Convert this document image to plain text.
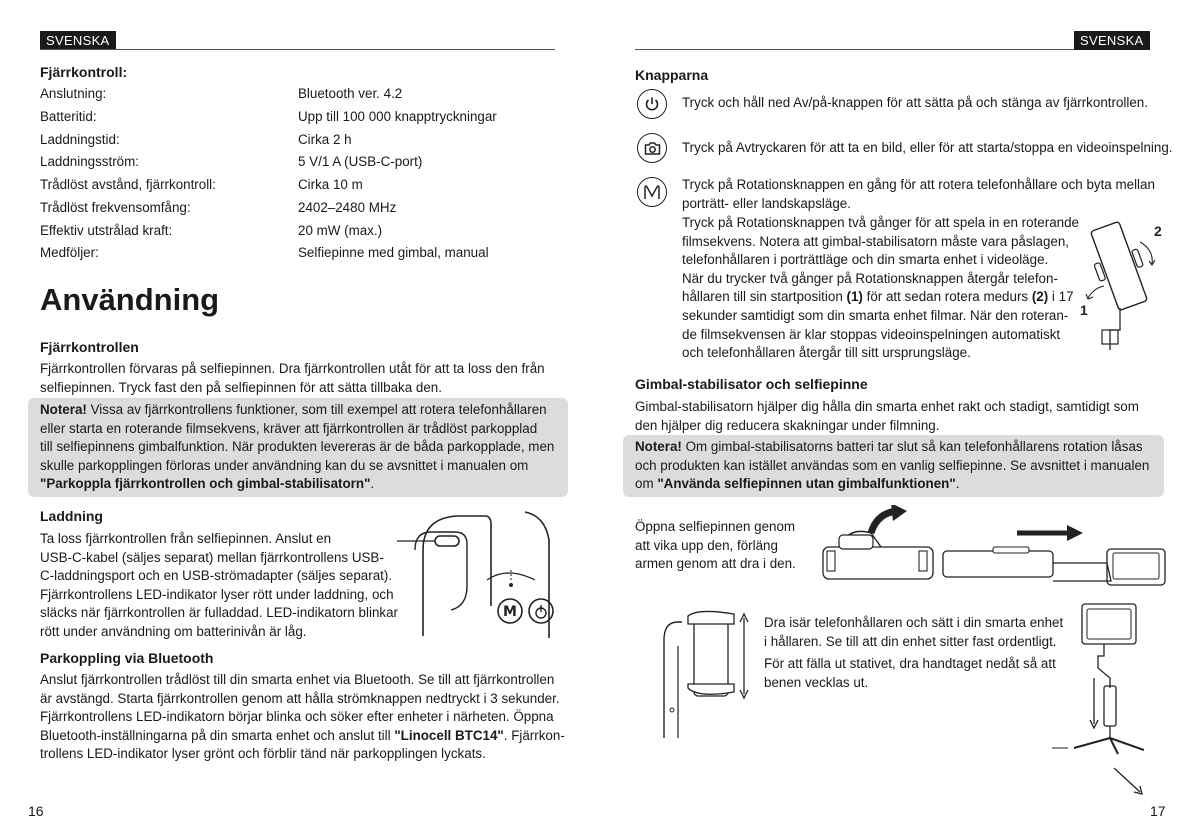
SVENSKA
Fjärrkontroll:
Anslutning:	Bluetooth ver. 4.2
Batteritid:	Upp till 100 000 knapptryckningar
Laddningstid:	Cirka 2 h
Laddningsström:	5 V/1 A (USB-C-port)
Trådlöst avstånd, fjärrkontroll:	Cirka 10 m
Trådlöst frekvensomfång:	2402–2480 MHz
Effektiv utstrålad kraft:	20 mW (max.)
Medföljer:	Selfiepinne med gimbal, manual
Användning
Fjärrkontrollen
Fjärrkontrollen förvaras på selfiepinnen. Dra fjärrkontrollen utåt för att ta loss den från
selfiepinnen. Tryck fast den på selfiepinnen för att sätta tillbaka den.
Notera! Vissa av fjärrkontrollens funktioner, som till exempel att rotera telefonhållaren
eller starta en roterande filmsekvens, kräver att fjärrkontrollen är trådlöst parkopplad
till selfiepinnens gimbalfunktion. När produkten levereras är de båda parkopplade, men
skulle parkopplingen förloras under användning kan du se avsnittet i manualen om
"Parkoppla fjärrkontrollen och gimbal-stabilisatorn".
Laddning
Ta loss fjärrkontrollen från selfiepinnen. Anslut en
USB-C-kabel (säljes separat) mellan fjärrkontrollens USB-
C-laddningsport och en USB-strömadapter (säljes separat).
Fjärrkontrollens LED-indikator lyser rött under laddning, och
släcks när fjärrkontrollen är fulladdad. LED-indikatorn blinkar
rött under användning om batterinivån är låg.
M
Parkoppling via Bluetooth
Anslut fjärrkontrollen trådlöst till din smarta enhet via Bluetooth. Se till att fjärrkontrollen
är avstängd. Starta fjärrkontrollen genom att hålla strömknappen nedtryckt i 3 sekunder.
Fjärrkontrollens LED-indikatorn börjar blinka och söker efter enheter i närheten. Öppna
Bluetooth-inställningarna på din smarta enhet och anslut till "Linocell BTC14". Fjärrkon-
trollens LED-indikator lyser grönt och förblir tänd när parkopplingen lyckats.
16
SVENSKA
Knapparna
Tryck och håll ned Av/på-knappen för att sätta på och stänga av fjärrkontrollen.
Tryck på Avtryckaren för att ta en bild, eller för att starta/stoppa en videoinspelning.
Tryck på Rotationsknappen en gång för att rotera telefonhållare och byta mellan
porträtt- eller landskapsläge.
Tryck på Rotationsknappen två gånger för att spela in en roterande
filmsekvens. Notera att gimbal-stabilisatorn måste vara påslagen,
telefonhållaren i porträttläge och din smarta enhet i videoläge.
När du trycker två gånger på Rotationsknappen återgår telefon-
hållaren till sin startposition (1) för att sedan rotera medurs (2) i 17
sekunder samtidigt som din smarta enhet filmar. När den roteran-
de filmsekvensen är klar stoppas videoinspelningen automatiskt
och telefonhållaren återgår till sitt ursprungsläge.
2
1
Gimbal-stabilisator och selfiepinne
Gimbal-stabilisatorn hjälper dig hålla din smarta enhet rakt och stadigt, samtidigt som
den hjälper dig reducera skakningar under filmning.
Notera! Om gimbal-stabilisatorns batteri tar slut så kan telefonhållarens rotation låsas
och produkten kan istället användas som en vanlig selfiepinne. Se avsnittet i manualen
om "Använda selfiepinnen utan gimbalfunktionen".
Öppna selfiepinnen genom
att vika upp den, förläng
armen genom att dra i den.
Dra isär telefonhållaren och sätt i din smarta enhet
i hållaren. Se till att din enhet sitter fast ordentligt.
För att fälla ut stativet, dra handtaget nedåt så att
benen vecklas ut.
17
